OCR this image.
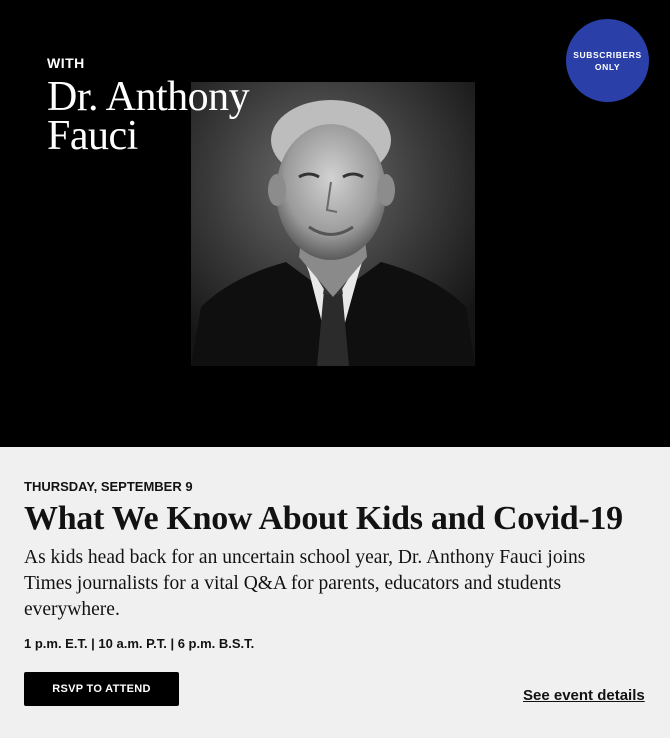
WITH
Dr. Anthony
Fauci
SUBSCRIBERS
ONLY
THURSDAY, SEPTEMBER 9
What We Know About Kids and Covid-19
As kids head back for an uncertain school year, Dr. Anthony Fauci joins Times journalists for a vital Q&A for parents, educators and students everywhere.
1 p.m. E.T. | 10 a.m. P.T. | 6 p.m. B.S.T.
RSVP TO ATTEND	See event details
